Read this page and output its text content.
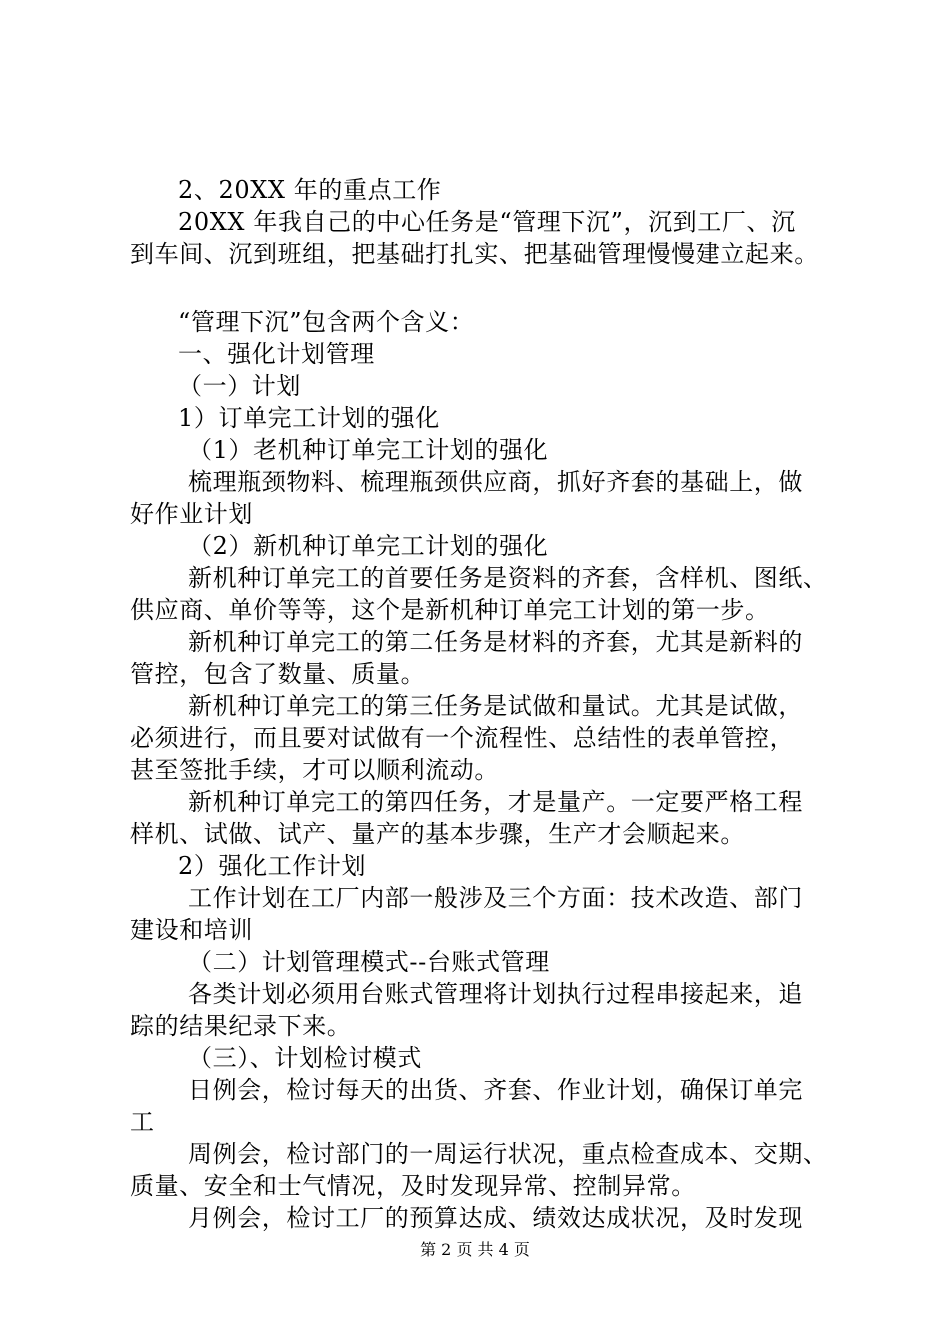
2、20XX 年的重点工作
20XX 年我自己的中心任务是“管理下沉”，沉到工厂、沉
到车间、沉到班组，把基础打扎实、把基础管理慢慢建立起来。
“管理下沉”包含两个含义：
一、强化计划管理
（一）计划
1）订单完工计划的强化
（1）老机种订单完工计划的强化
梳理瓶颈物料、梳理瓶颈供应商，抓好齐套的基础上，做
好作业计划
（2）新机种订单完工计划的强化
新机种订单完工的首要任务是资料的齐套，含样机、图纸、
供应商、单价等等，这个是新机种订单完工计划的第一步。
新机种订单完工的第二任务是材料的齐套，尤其是新料的
管控，包含了数量、质量。
新机种订单完工的第三任务是试做和量试。尤其是试做，
必须进行，而且要对试做有一个流程性、总结性的表单管控，
甚至签批手续，才可以顺利流动。
新机种订单完工的第四任务，才是量产。一定要严格工程
样机、试做、试产、量产的基本步骤，生产才会顺起来。
2）强化工作计划
工作计划在工厂内部一般涉及三个方面：技术改造、部门
建设和培训
（二）计划管理模式--台账式管理
各类计划必须用台账式管理将计划执行过程串接起来，追
踪的结果纪录下来。
（三）、计划检讨模式
日例会，检讨每天的出货、齐套、作业计划，确保订单完
工
周例会，检讨部门的一周运行状况，重点检查成本、交期、
质量、安全和士气情况，及时发现异常、控制异常。
月例会，检讨工厂的预算达成、绩效达成状况，及时发现
第 2 页 共 4 页
